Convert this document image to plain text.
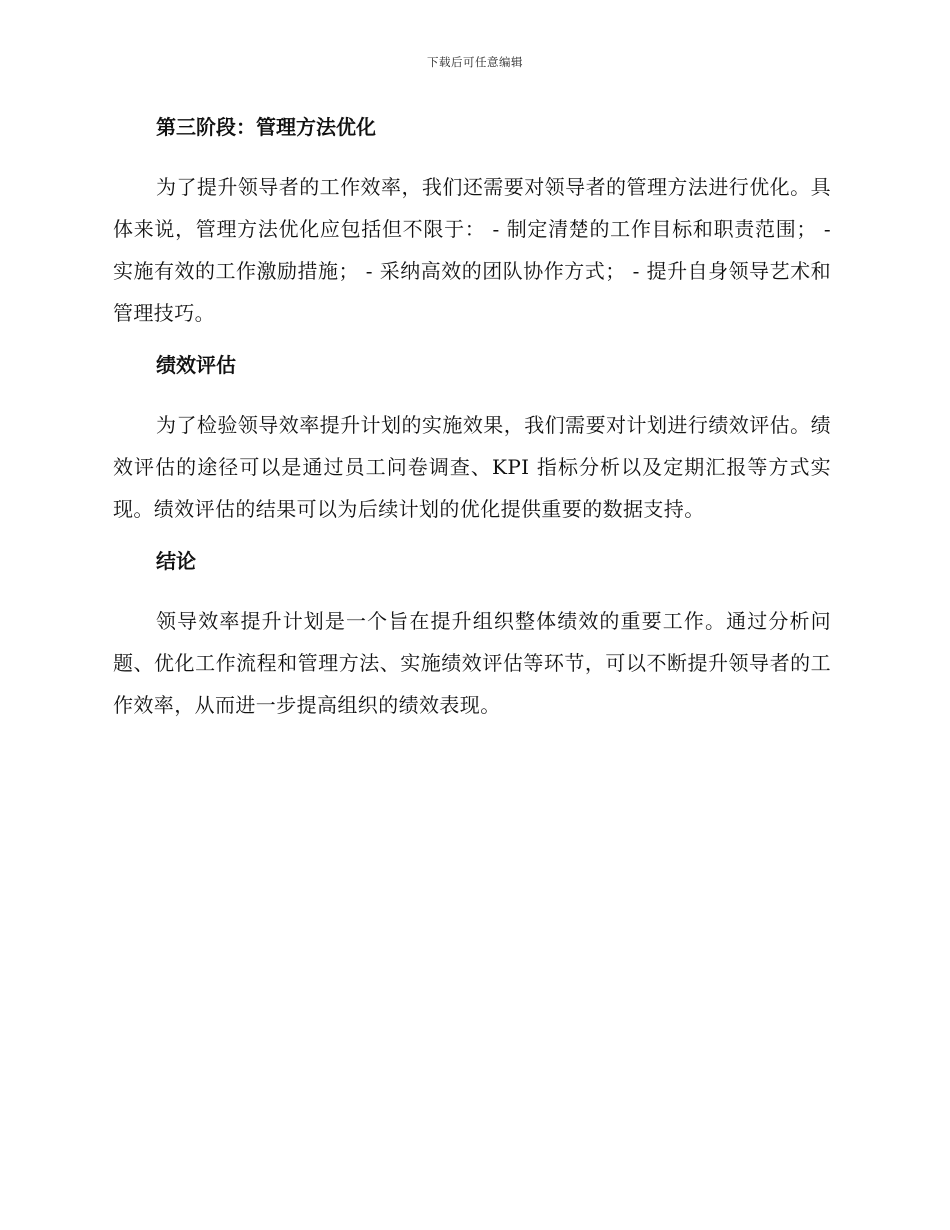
下载后可任意编辑
第三阶段：管理方法优化

为了提升领导者的工作效率，我们还需要对领导者的管理方法进行优化。具体来说，管理方法优化应包括但不限于： - 制定清楚的工作目标和职责范围； - 实施有效的工作激励措施； - 采纳高效的团队协作方式； - 提升自身领导艺术和管理技巧。

绩效评估

为了检验领导效率提升计划的实施效果，我们需要对计划进行绩效评估。绩效评估的途径可以是通过员工问卷调查、KPI 指标分析以及定期汇报等方式实现。绩效评估的结果可以为后续计划的优化提供重要的数据支持。

结论

领导效率提升计划是一个旨在提升组织整体绩效的重要工作。通过分析问题、优化工作流程和管理方法、实施绩效评估等环节，可以不断提升领导者的工作效率，从而进一步提高组织的绩效表现。
